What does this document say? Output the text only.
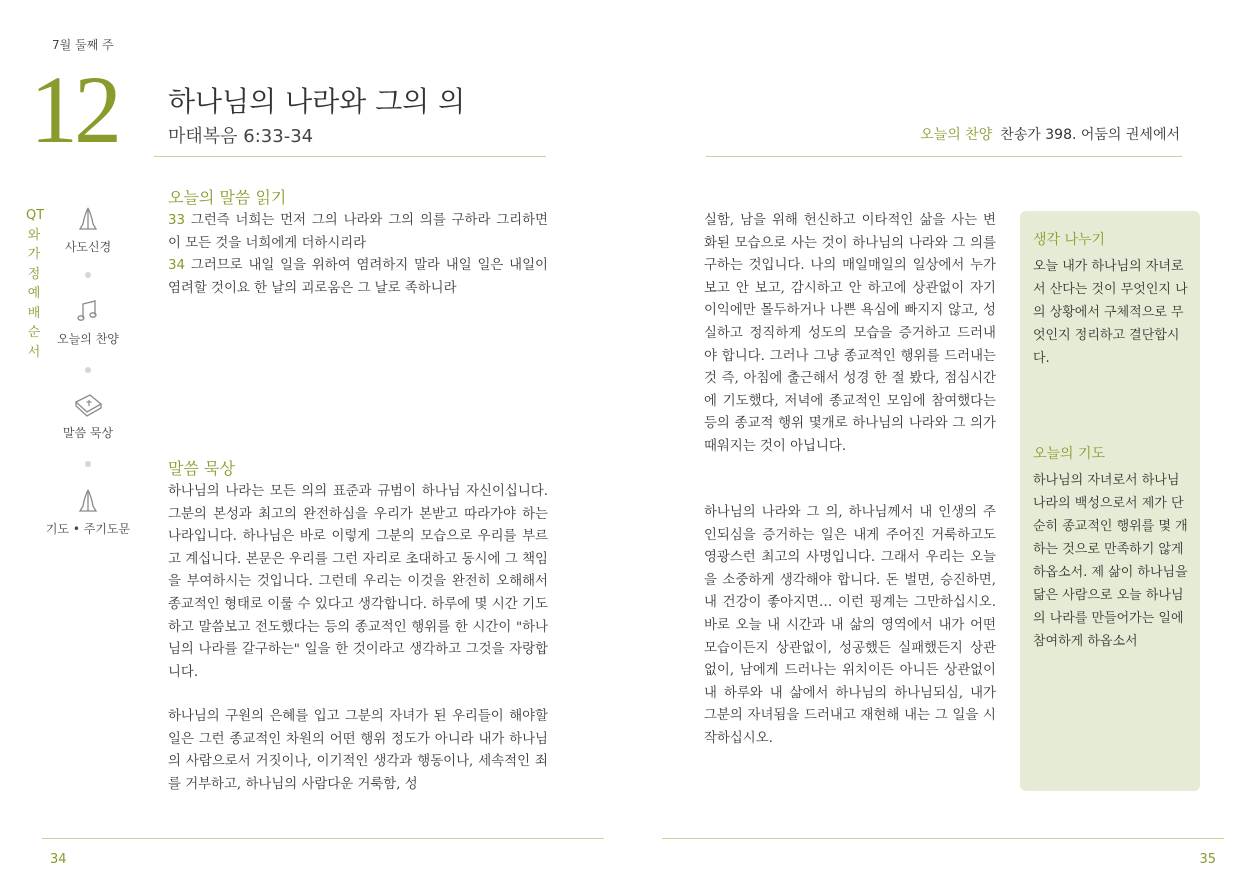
7월 둘째 주
12 하나님의 나라와 그의 의
마태복음 6:33-34	오늘의 찬양 찬송가 398. 어둠의 권세에서
QT와 가정예배 순서
사도신경
오늘의 찬양
말씀 묵상
기도 • 주기도문
오늘의 말씀 읽기
33 그런즉 너희는 먼저 그의 나라와 그의 의를 구하라 그리하면 이 모든 것을 너희에게 더하시리라
34 그러므로 내일 일을 위하여 염려하지 말라 내일 일은 내일이 염려할 것이요 한 날의 괴로움은 그 날로 족하니라
말씀 묵상
하나님의 나라는 모든 의의 표준과 규범이 하나님 자신이십니다. 그분의 본성과 최고의 완전하심을 우리가 본받고 따라가야 하는 나라입니다. 하나님은 바로 이렇게 그분의 모습으로 우리를 부르고 계십니다. 본문은 우리를 그런 자리로 초대하고 동시에 그 책임을 부여하시는 것입니다. 그런데 우리는 이것을 완전히 오해해서 종교적인 형태로 이룰 수 있다고 생각합니다. 하루에 몇 시간 기도하고 말씀보고 전도했다는 등의 종교적인 행위를 한 시간이 "하나님의 나라를 갈구하는" 일을 한 것이라고 생각하고 그것을 자랑합니다.
하나님의 구원의 은혜를 입고 그분의 자녀가 된 우리들이 해야할 일은 그런 종교적인 차원의 어떤 행위 정도가 아니라 내가 하나님의 사람으로서 거짓이나, 이기적인 생각과 행동이나, 세속적인 죄를 거부하고, 하나님의 사람다운 거룩함, 성
실함, 남을 위해 헌신하고 이타적인 삶을 사는 변화된 모습으로 사는 것이 하나님의 나라와 그 의를 구하는 것입니다. 나의 매일매일의 일상에서 누가 보고 안 보고, 감시하고 안 하고에 상관없이 자기 이익에만 몰두하거나 나쁜 욕심에 빠지지 않고, 성실하고 정직하게 성도의 모습을 증거하고 드러내야 합니다. 그러나 그냥 종교적인 행위를 드러내는 것 즉, 아침에 출근해서 성경 한 절 봤다, 점심시간에 기도했다, 저녁에 종교적인 모임에 참여했다는 등의 종교적 행위 몇개로 하나님의 나라와 그 의가 때워지는 것이 아닙니다.
하나님의 나라와 그 의, 하나님께서 내 인생의 주인되심을 증거하는 일은 내게 주어진 거룩하고도 영광스런 최고의 사명입니다. 그래서 우리는 오늘을 소중하게 생각해야 합니다. 돈 벌면, 승진하면, 내 건강이 좋아지면… 이런 핑계는 그만하십시오. 바로 오늘 내 시간과 내 삶의 영역에서 내가 어떤 모습이든지 상관없이, 성공했든 실패했든지 상관없이, 남에게 드러나는 위치이든 아니든 상관없이 내 하루와 내 삶에서 하나님의 하나님되심, 내가 그분의 자녀됨을 드러내고 재현해 내는 그 일을 시작하십시오.
생각 나누기
오늘 내가 하나님의 자녀로서 산다는 것이 무엇인지 나의 상황에서 구체적으로 무엇인지 정리하고 결단합시다.
오늘의 기도
하나님의 자녀로서 하나님 나라의 백성으로서 제가 단순히 종교적인 행위를 몇 개 하는 것으로 만족하기 않게 하옵소서. 제 삶이 하나님을 닮은 사람으로 오늘 하나님의 나라를 만들어가는 일에 참여하게 하옵소서
34	35
